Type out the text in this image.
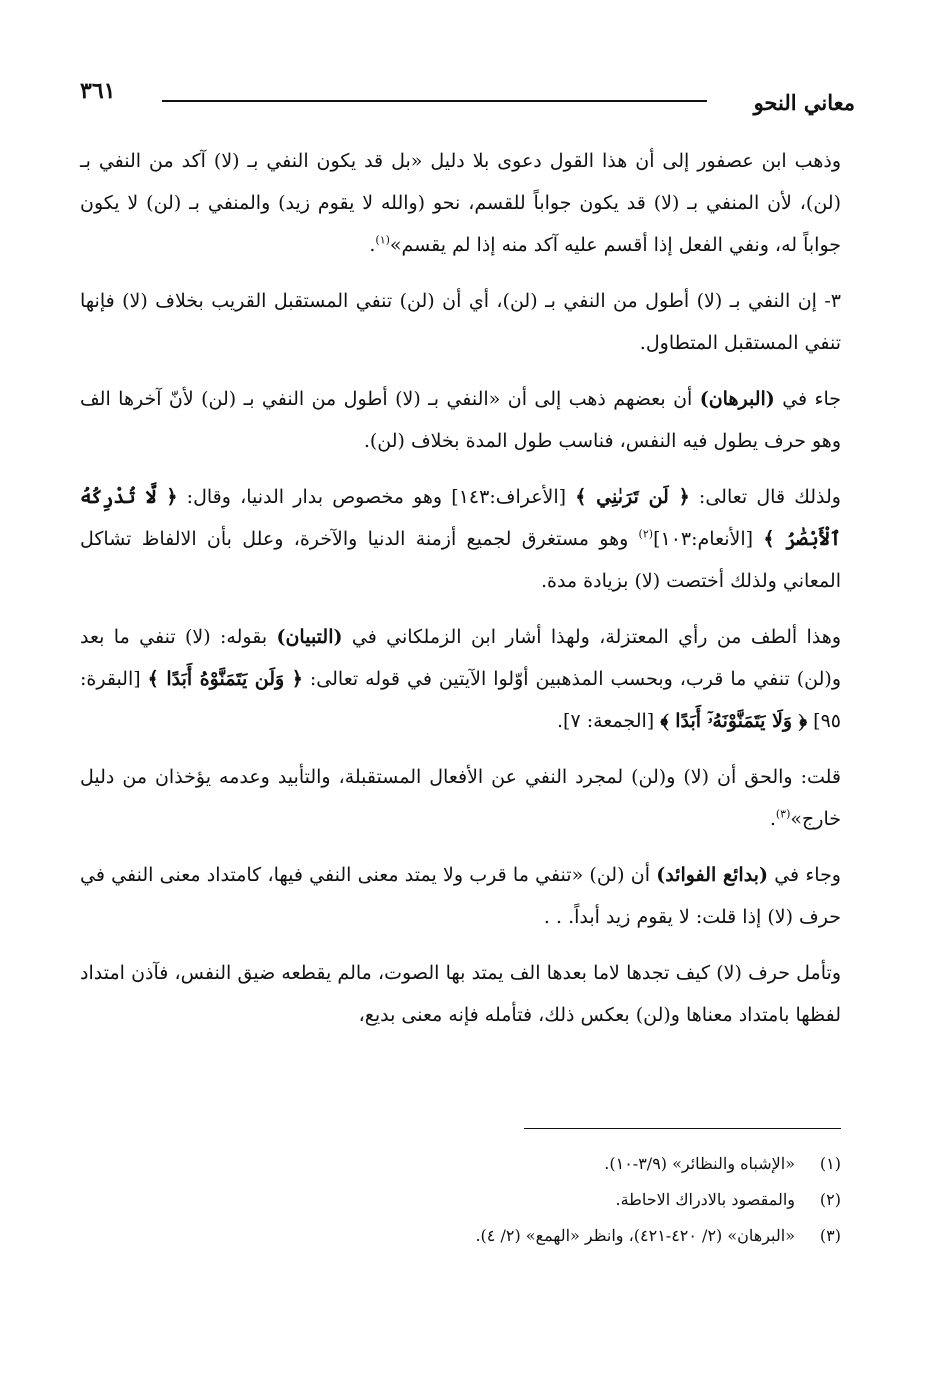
معاني النحو
٣٦١

وذهب ابن عصفور إلى أن هذا القول دعوى بلا دليل «بل قد يكون النفي بـ (لا) آكد من النفي بـ (لن)، لأن المنفي بـ (لا) قد يكون جواباً للقسم، نحو (والله لا يقوم زيد) والمنفي بـ (لن) لا يكون جواباً له، ونفي الفعل إذا أقسم عليه آكد منه إذا لم يقسم»$^{(١)}$.

٣- إن النفي بـ (لا) أطول من النفي بـ (لن)، أي أن (لن) تنفي المستقبل القريب بخلاف (لا) فإنها تنفي المستقبل المتطاول.

جاء في (البرهان) أن بعضهم ذهب إلى أن «النفي بـ (لا) أطول من النفي بـ (لن) لأنّ آخرها الف وهو حرف يطول فيه النفس، فناسب طول المدة بخلاف (لن).

ولذلك قال تعالى: ﴿ لَن تَرَىٰنِي ﴾ [الأعراف:١٤٣] وهو مخصوص بدار الدنيا، وقال: ﴿ لَّا تُدْرِكُهُ ٱلْأَبْصَٰرُ ﴾ [الأنعام:١٠٣]$^{(٢)}$ وهو مستغرق لجميع أزمنة الدنيا والآخرة، وعلل بأن الالفاظ تشاكل المعاني ولذلك أختصت (لا) بزيادة مدة.

وهذا ألطف من رأي المعتزلة، ولهذا أشار ابن الزملكاني في (التبيان) بقوله: (لا) تنفي ما بعد و(لن) تنفي ما قرب، وبحسب المذهبين أوّلوا الآيتين في قوله تعالى: ﴿ وَلَن يَتَمَنَّوْهُ أَبَدًا ﴾ [البقرة: ٩٥] ﴿ وَلَا يَتَمَنَّوْنَهُۥٓ أَبَدًا ﴾ [الجمعة: ٧].

قلت: والحق أن (لا) و(لن) لمجرد النفي عن الأفعال المستقبلة، والتأبيد وعدمه يؤخذان من دليل خارج»$^{(٣)}$.

وجاء في (بدائع الفوائد) أن (لن) «تنفي ما قرب ولا يمتد معنى النفي فيها، كامتداد معنى النفي في حرف (لا) إذا قلت: لا يقوم زيد أبداً. . .

وتأمل حرف (لا) كيف تجدها لاما بعدها الف يمتد بها الصوت، مالم يقطعه ضيق النفس، فآذن امتداد لفظها بامتداد معناها و(لن) بعكس ذلك، فتأمله فإنه معنى بديع،

(١)«الإشباه والنظائر» (٣/٩-١٠).

(٢)والمقصود بالادراك الاحاطة.

(٣)«البرهان» (٢/ ٤٢٠-٤٢١)، وانظر «الهمع» (٢/ ٤).
